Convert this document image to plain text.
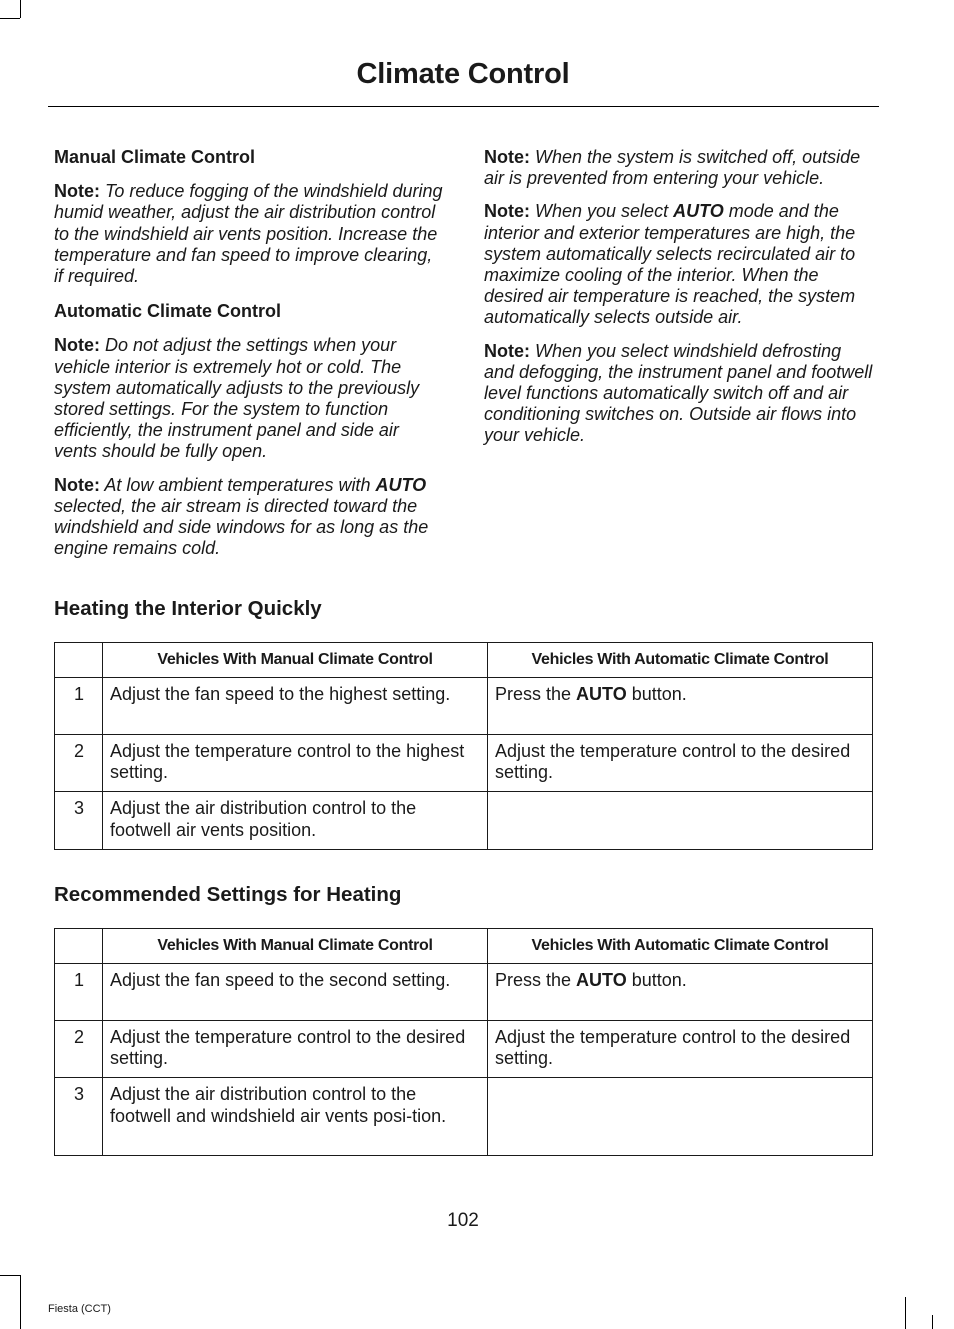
Climate Control

Manual Climate Control

Note: To reduce fogging of the windshield during humid weather, adjust the air distribution control to the windshield air vents position. Increase the temperature and fan speed to improve clearing, if required.

Automatic Climate Control

Note: Do not adjust the settings when your vehicle interior is extremely hot or cold. The system automatically adjusts to the previously stored settings. For the system to function efficiently, the instrument panel and side air vents should be fully open.

Note: At low ambient temperatures with AUTO selected, the air stream is directed toward the windshield and side windows for as long as the engine remains cold.

Note: When the system is switched off, outside air is prevented from entering your vehicle.

Note: When you select AUTO mode and the interior and exterior temperatures are high, the system automatically selects recirculated air to maximize cooling of the interior. When the desired air temperature is reached, the system automatically selects outside air.

Note: When you select windshield defrosting and defogging, the instrument panel and footwell level functions automatically switch off and air conditioning switches on. Outside air flows into your vehicle.

Heating the Interior Quickly
	Vehicles With Manual Climate Control	Vehicles With Automatic Climate Control
1	Adjust the fan speed to the highest setting.	Press the AUTO button.
2	Adjust the temperature control to the highest setting.	Adjust the temperature control to the desired setting.
3	Adjust the air distribution control to the footwell air vents position.	
Recommended Settings for Heating
	Vehicles With Manual Climate Control	Vehicles With Automatic Climate Control
1	Adjust the fan speed to the second setting.	Press the AUTO button.
2	Adjust the temperature control to the desired setting.	Adjust the temperature control to the desired setting.
3	Adjust the air distribution control to the footwell and windshield air vents posi-tion.	
102
Fiesta (CCT)
